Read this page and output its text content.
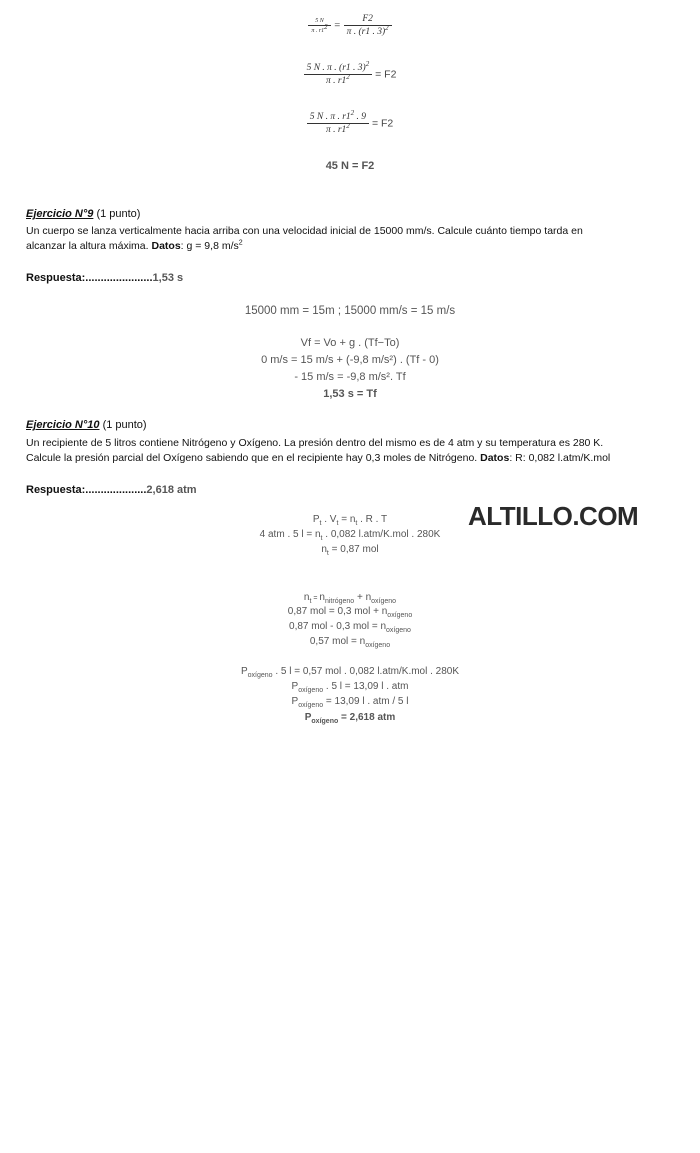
$\frac{5 N}{\pi . r1^2} = \frac{F2}{\pi . (r1 . 3)^2}$
$\frac{5 N . \pi . (r1 . 3)^2}{\pi . r1^2} = F2$
$\frac{5 N . \pi . r1^2 . 9}{\pi . r1^2} = F2$
45 N = F2
Ejercicio N°9 (1 punto)
Un cuerpo se lanza verticalmente hacia arriba con una velocidad inicial de 15000 mm/s. Calcule cuánto tiempo tarda en
alcanzar la altura máxima. Datos: g = 9,8 $m/s^2$
Respuesta:......................1,53 s
15000 mm = 15m ; 15000 mm/s = 15 m/s
Vf = Vo + g . (Tf−To)
0 m/s = 15 m/s + (-9,8 m/s²) . (Tf - 0)
- 15 m/s = -9,8 m/s². Tf
1,53 s = Tf
Ejercicio N°10 (1 punto)
Un recipiente de 5 litros contiene Nitrógeno y Oxígeno. La presión dentro del mismo es de 4 atm y su temperatura es 280 K.
Calcule la presión parcial del Oxígeno sabiendo que en el recipiente hay 0,3 moles de Nitrógeno. Datos: R: 0,082 l.atm/K.mol
Respuesta:....................2,618 atm
ALTILLO.COM
$P_t$ . $V_t = n_t$ . R . T
4 atm . 5 $l = n_t$ . 0,082 l.atm/K.mol . 280K
$n_t = 0,87$ mol
$n_t = n_{nitrógeno} + n_{oxígeno}$
0,87 mol = 0,3 mol + $n_{oxígeno}$
0,87 mol - 0,3 mol = $n_{oxígeno}$
0,57 mol = $n_{oxígeno}$
$P_{oxígeno}$ . 5 l = 0,57 mol . 0,082 l.atm/K.mol . 280K
$P_{oxígeno}$ . 5 l = 13,09 l . atm
$P_{oxígeno} = 13,09$ l . atm / 5 l
$P_{oxígeno} = 2,618$ atm
